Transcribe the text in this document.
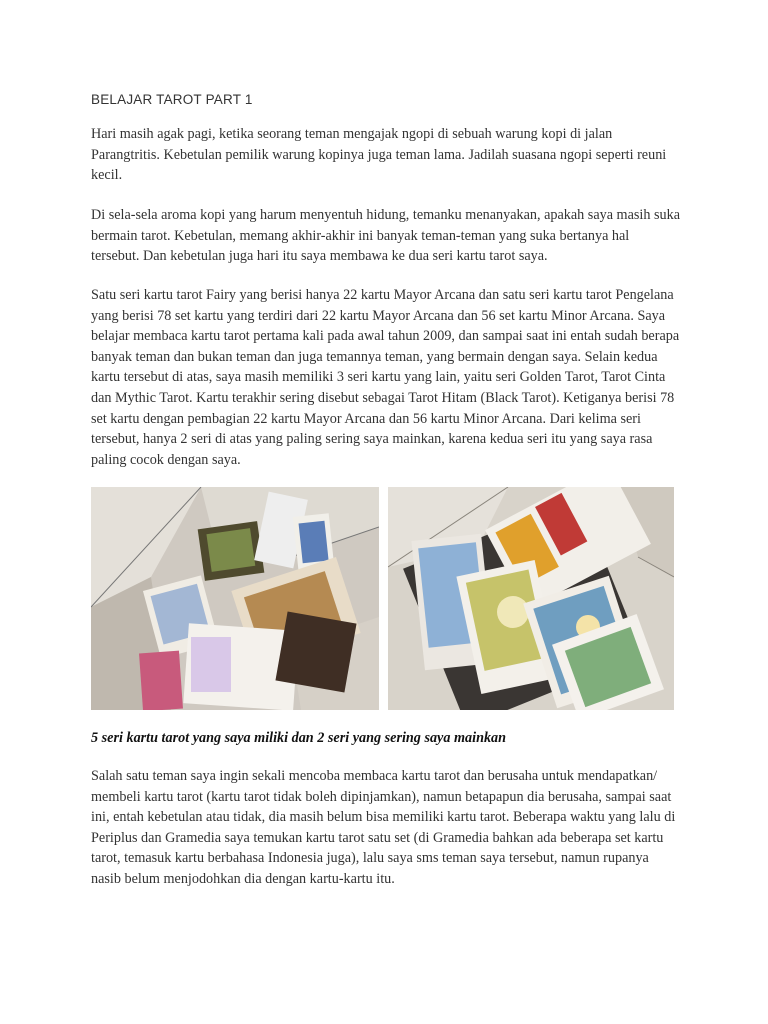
BELAJAR TAROT PART 1

Hari masih agak pagi, ketika seorang teman mengajak ngopi di sebuah warung kopi di jalan Parangtritis. Kebetulan pemilik warung kopinya juga teman lama. Jadilah suasana ngopi seperti reuni kecil.

Di sela-sela aroma kopi yang harum menyentuh hidung, temanku menanyakan, apakah saya masih suka bermain tarot. Kebetulan, memang akhir-akhir ini banyak teman-teman yang suka bertanya hal tersebut. Dan kebetulan juga hari itu saya membawa ke dua seri kartu tarot saya.

Satu seri kartu tarot Fairy yang berisi hanya 22 kartu Mayor Arcana dan satu seri kartu tarot Pengelana yang berisi 78 set kartu yang terdiri dari 22 kartu Mayor Arcana dan 56 set kartu Minor Arcana. Saya belajar membaca kartu tarot pertama kali pada awal tahun 2009, dan sampai saat ini entah sudah berapa banyak teman dan bukan teman dan juga temannya teman, yang bermain dengan saya. Selain kedua kartu tersebut di atas, saya masih memiliki 3 seri kartu yang lain, yaitu seri Golden Tarot, Tarot Cinta dan Mythic Tarot. Kartu terakhir sering disebut sebagai Tarot Hitam (Black Tarot). Ketiganya berisi 78 set kartu dengan pembagian 22 kartu Mayor Arcana dan 56 kartu Minor Arcana. Dari kelima seri tersebut, hanya 2 seri di atas yang paling sering saya mainkan, karena kedua seri itu yang saya rasa paling cocok dengan saya.

5 seri kartu tarot yang saya miliki dan 2 seri yang sering saya mainkan

Salah satu teman saya ingin sekali mencoba membaca kartu tarot dan berusaha untuk mendapatkan/ membeli kartu tarot (kartu tarot tidak boleh dipinjamkan), namun betapapun dia berusaha, sampai saat ini, entah kebetulan atau tidak, dia masih belum bisa memiliki kartu tarot. Beberapa waktu yang lalu di Periplus dan Gramedia saya temukan kartu tarot satu set (di Gramedia bahkan ada beberapa set kartu tarot, temasuk kartu berbahasa Indonesia juga), lalu saya sms teman saya tersebut, namun rupanya nasib belum menjodohkan dia dengan kartu-kartu itu.
